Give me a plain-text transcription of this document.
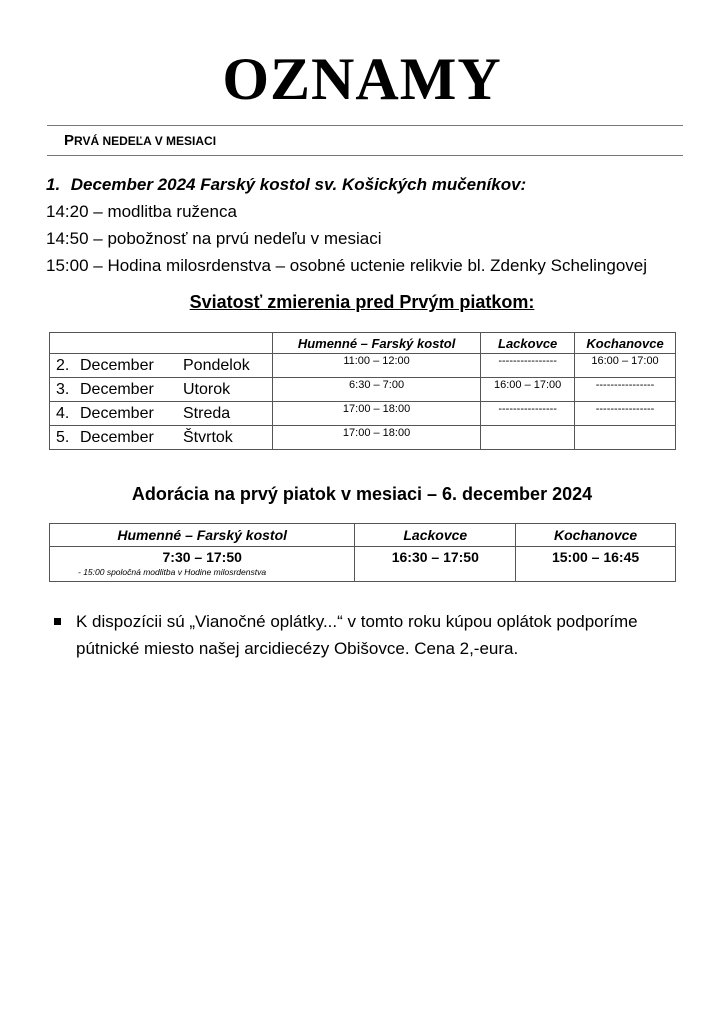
OZNAMY
PRVÁ NEDEĽA V MESIACI
1. December 2024 Farský kostol sv. Košických mučeníkov:
14:20 – modlitba ruženca
14:50 – pobožnosť na prvú nedeľu v mesiaci
15:00 – Hodina milosrdenstva – osobné uctenie relikvie bl. Zdenky Schelingovej
Sviatosť zmierenia pred Prvým piatkom:
	Humenné – Farský kostol	Lackovce	Kochanovce
2. December Pondelok	11:00 – 12:00	----------------	16:00 – 17:00
3. December Utorok	6:30 – 7:00	16:00 – 17:00	----------------
4. December Streda	17:00 – 18:00	----------------	----------------
5. December Štvrtok	17:00 – 18:00		
Adorácia na prvý piatok v mesiaci – 6. december 2024
Humenné – Farský kostol	Lackovce	Kochanovce

7:30 – 17:50
- 15:00 spoločná modlitba v Hodine milosrdenstva	16:30 – 17:50	15:00 – 16:45
K dispozícii sú „Vianočné oplátky...“ v tomto roku kúpou oplátok podporíme pútnické miesto našej arcidiecézy Obišovce. Cena 2,-eura.
